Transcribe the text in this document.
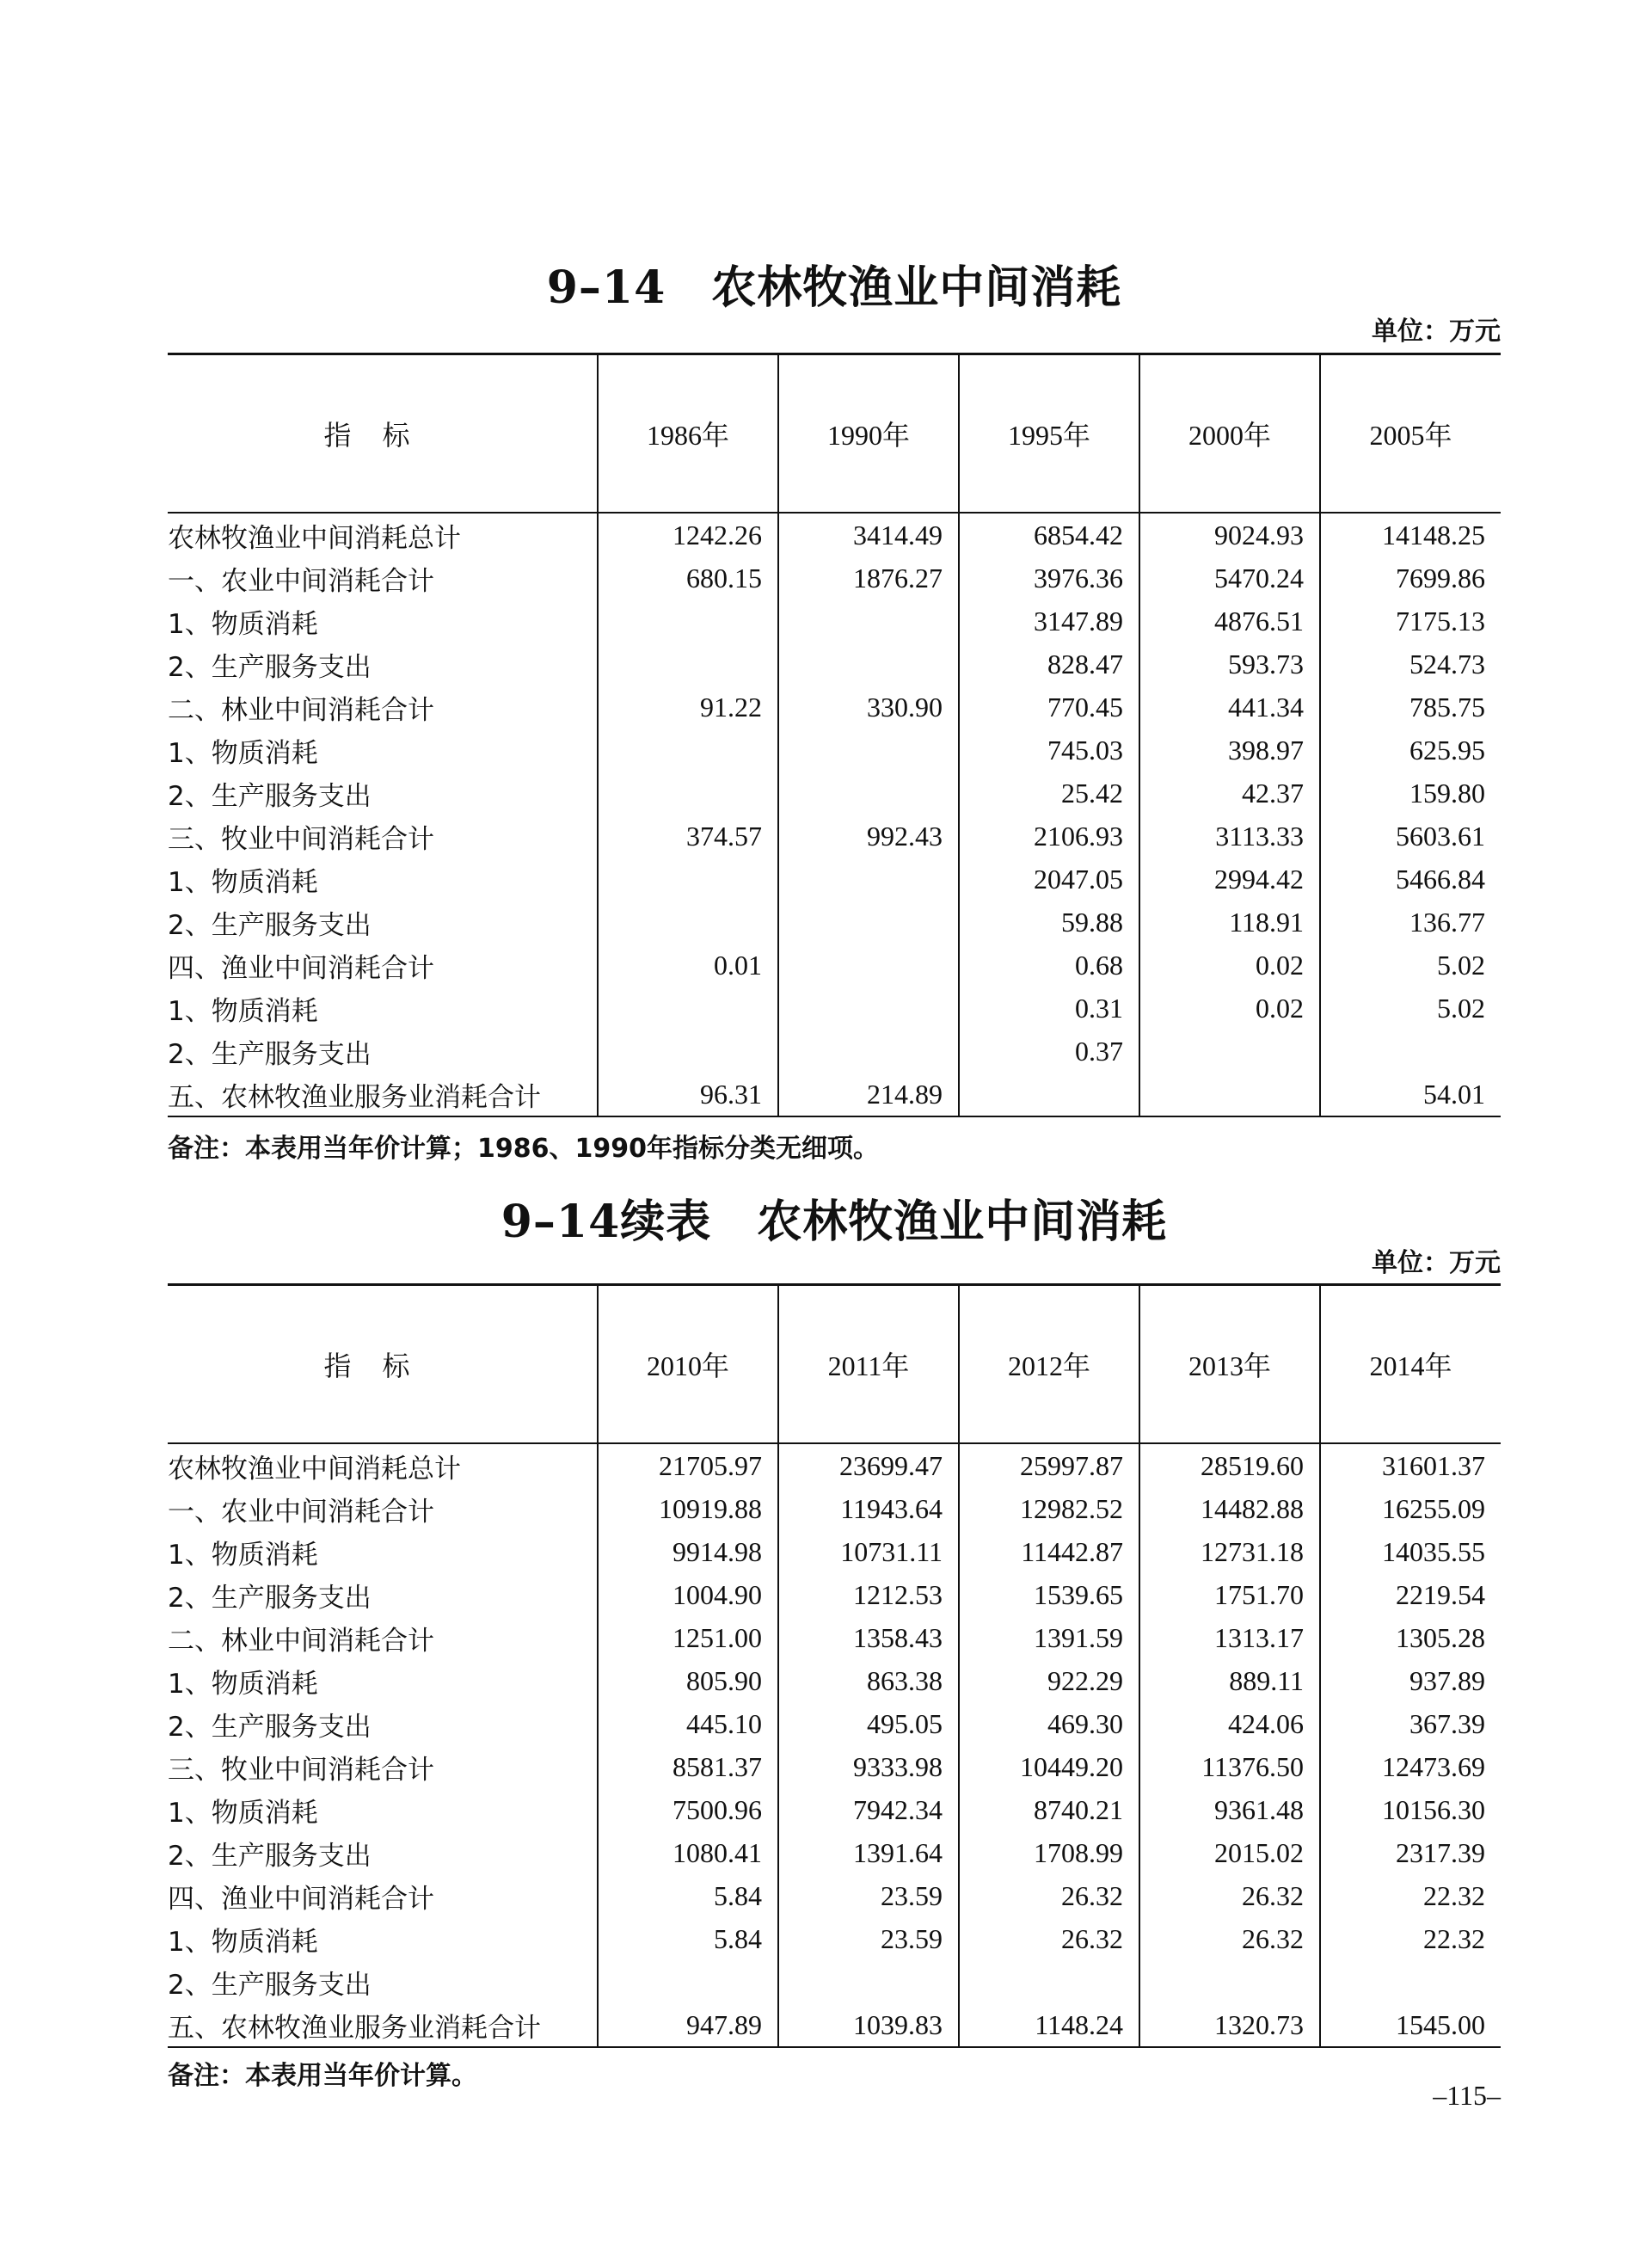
9–14　农林牧渔业中间消耗
单位：万元
指标	1986年	1990年	1995年	2000年	2005年
农林牧渔业中间消耗总计	1242.26	3414.49	6854.42	9024.93	14148.25
一、农业中间消耗合计	680.15	1876.27	3976.36	5470.24	7699.86
1、物质消耗			3147.89	4876.51	7175.13
2、生产服务支出			828.47	593.73	524.73
二、林业中间消耗合计	91.22	330.90	770.45	441.34	785.75
1、物质消耗			745.03	398.97	625.95
2、生产服务支出			25.42	42.37	159.80
三、牧业中间消耗合计	374.57	992.43	2106.93	3113.33	5603.61
1、物质消耗			2047.05	2994.42	5466.84
2、生产服务支出			59.88	118.91	136.77
四、渔业中间消耗合计	0.01		0.68	0.02	5.02
1、物质消耗			0.31	0.02	5.02
2、生产服务支出			0.37		
五、农林牧渔业服务业消耗合计	96.31	214.89			54.01
备注：本表用当年价计算；1986、1990年指标分类无细项。
9–14续表　农林牧渔业中间消耗
单位：万元
指标	2010年	2011年	2012年	2013年	2014年
农林牧渔业中间消耗总计	21705.97	23699.47	25997.87	28519.60	31601.37
一、农业中间消耗合计	10919.88	11943.64	12982.52	14482.88	16255.09
1、物质消耗	9914.98	10731.11	11442.87	12731.18	14035.55
2、生产服务支出	1004.90	1212.53	1539.65	1751.70	2219.54
二、林业中间消耗合计	1251.00	1358.43	1391.59	1313.17	1305.28
1、物质消耗	805.90	863.38	922.29	889.11	937.89
2、生产服务支出	445.10	495.05	469.30	424.06	367.39
三、牧业中间消耗合计	8581.37	9333.98	10449.20	11376.50	12473.69
1、物质消耗	7500.96	7942.34	8740.21	9361.48	10156.30
2、生产服务支出	1080.41	1391.64	1708.99	2015.02	2317.39
四、渔业中间消耗合计	5.84	23.59	26.32	26.32	22.32
1、物质消耗	5.84	23.59	26.32	26.32	22.32
2、生产服务支出					
五、农林牧渔业服务业消耗合计	947.89	1039.83	1148.24	1320.73	1545.00
备注：本表用当年价计算。
–115–
